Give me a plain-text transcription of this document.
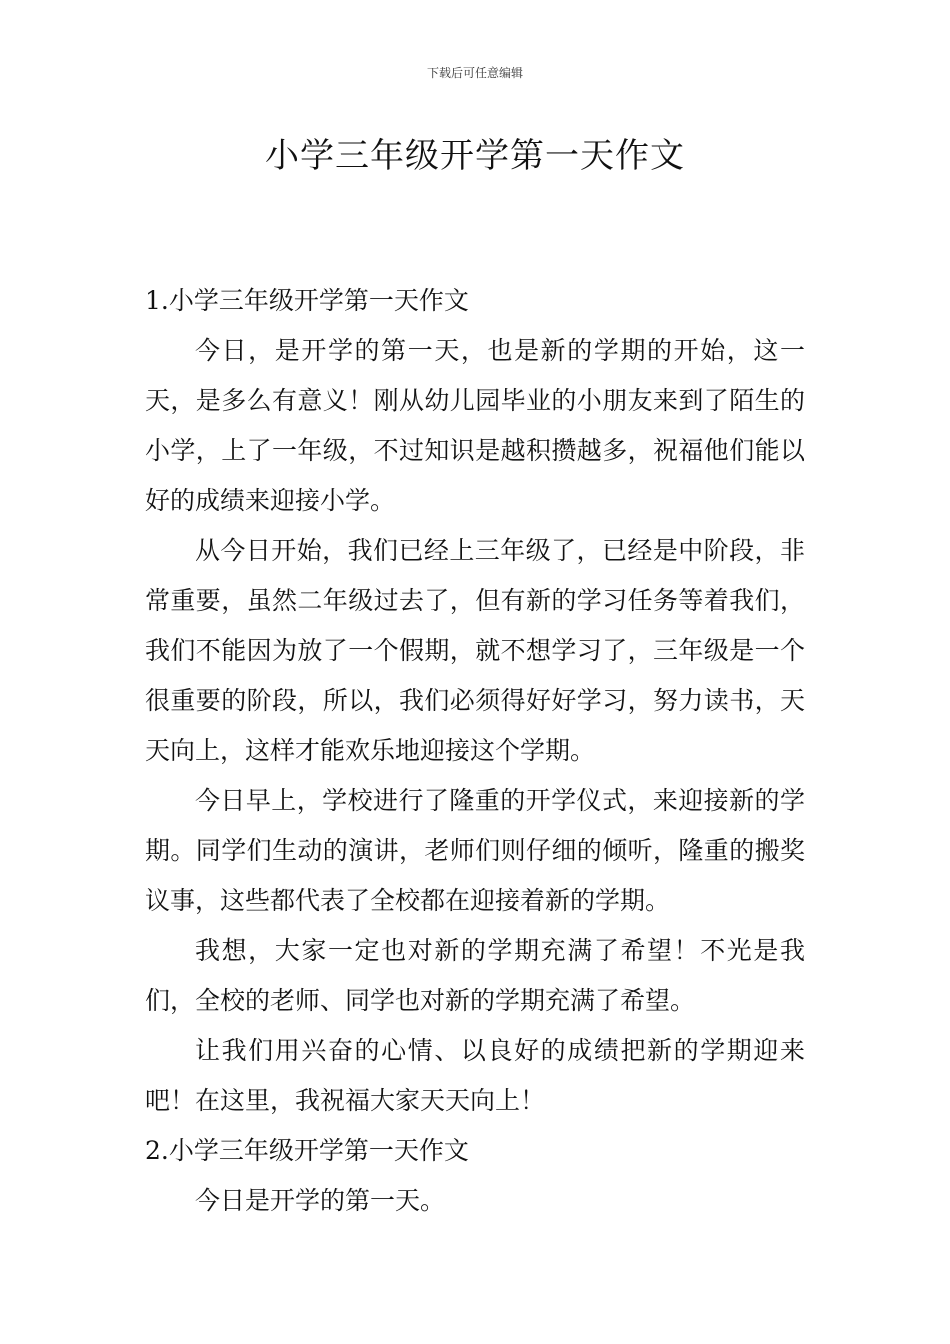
下载后可任意编辑
小学三年级开学第一天作文
1.小学三年级开学第一天作文

今日，是开学的第一天，也是新的学期的开始，这一天，是多么有意义！刚从幼儿园毕业的小朋友来到了陌生的小学，上了一年级，不过知识是越积攒越多，祝福他们能以好的成绩来迎接小学。

从今日开始，我们已经上三年级了，已经是中阶段，非常重要，虽然二年级过去了，但有新的学习任务等着我们，我们不能因为放了一个假期，就不想学习了，三年级是一个很重要的阶段，所以，我们必须得好好学习，努力读书，天天向上，这样才能欢乐地迎接这个学期。

今日早上，学校进行了隆重的开学仪式，来迎接新的学期。同学们生动的演讲，老师们则仔细的倾听，隆重的搬奖议事，这些都代表了全校都在迎接着新的学期。

我想，大家一定也对新的学期充满了希望！不光是我们，全校的老师、同学也对新的学期充满了希望。

让我们用兴奋的心情、以良好的成绩把新的学期迎来吧！在这里，我祝福大家天天向上！

2.小学三年级开学第一天作文

今日是开学的第一天。
